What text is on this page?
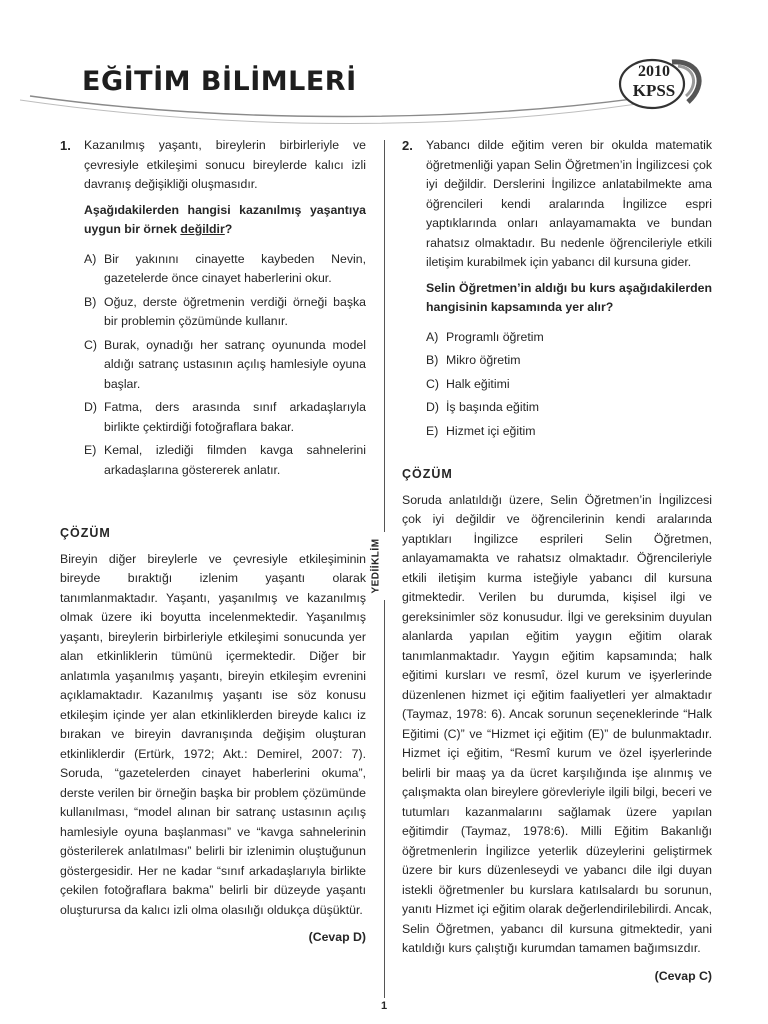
EĞİTİM BİLİMLERİ	2010
KPSS
1. Kazanılmış yaşantı, bireylerin birbirleriyle ve çevresiyle etkileşimi sonucu bireylerde kalıcı izli davranış değişikliği oluşmasıdır.

Aşağıdakilerden hangisi kazanılmış yaşantıya uygun bir örnek değildir?

A) Bir yakınını cinayette kaybeden Nevin, gazetelerde önce cinayet haberlerini okur.
B) Oğuz, derste öğretmenin verdiği örneği başka bir problemin çözümünde kullanır.
C) Burak, oynadığı her satranç oyununda model aldığı satranç ustasının açılış hamlesiyle oyuna başlar.
D) Fatma, ders arasında sınıf arkadaşlarıyla birlikte çektirdiği fotoğraflara bakar.
E) Kemal, izlediği filmden kavga sahnelerini arkadaşlarına göstererek anlatır.
ÇÖZÜM

Bireyin diğer bireylerle ve çevresiyle etkileşiminin bireyde bıraktığı izlenim yaşantı olarak tanımlanmaktadır. Yaşantı, yaşanılmış ve kazanılmış olmak üzere iki boyutta incelenmektedir. Yaşanılmış yaşantı, bireylerin birbirleriyle etkileşimi sonucunda yer alan etkinliklerin tümünü içermektedir. Diğer bir anlatımla yaşanılmış yaşantı, bireyin etkileşim evrenini açıklamaktadır. Kazanılmış yaşantı ise söz konusu etkileşim içinde yer alan etkinliklerden bireyde kalıcı iz bırakan ve bireyin davranışında değişim oluşturan etkinliklerdir (Ertürk, 1972; Akt.: Demirel, 2007: 7). Soruda, “gazetelerden cinayet haberlerini okuma”, derste verilen bir örneğin başka bir problem çözümünde kullanılması, “model alınan bir satranç ustasının açılış hamlesiyle oyuna başlanması” ve “kavga sahnelerinin gösterilerek anlatılması” belirli bir izlenimin oluştuğunun göstergesidir. Her ne kadar “sınıf arkadaşlarıyla birlikte çekilen fotoğraflara bakma” belirli bir düzeyde yaşantı oluşturursa da kalıcı izli olma olasılığı oldukça düşüktür.

(Cevap D)
YEDİİKLİM
2. Yabancı dilde eğitim veren bir okulda matematik öğretmenliği yapan Selin Öğretmen’in İngilizcesi çok iyi değildir. Derslerini İngilizce anlatabilmekte ama öğrencileri kendi aralarında İngilizce espri yaptıklarında onları anlayamamakta ve bundan rahatsız olmaktadır. Bu nedenle öğrencileriyle etkili iletişim kurabilmek için yabancı dil kursuna gider.

Selin Öğretmen’in aldığı bu kurs aşağıdakilerden hangisinin kapsamında yer alır?

A) Programlı öğretim
B) Mikro öğretim
C) Halk eğitimi
D) İş başında eğitim
E) Hizmet içi eğitim
ÇÖZÜM

Soruda anlatıldığı üzere, Selin Öğretmen’in İngilizcesi çok iyi değildir ve öğrencilerinin kendi aralarında yaptıkları İngilizce esprileri Selin Öğretmen, anlayamamakta ve rahatsız olmaktadır. Öğrencileriyle etkili iletişim kurma isteğiyle yabancı dil kursuna gitmektedir. Verilen bu durumda, kişisel ilgi ve gereksinimler söz konusudur. İlgi ve gereksinim duyulan alanlarda yapılan eğitim yaygın eğitim olarak tanımlanmaktadır. Yaygın eğitim kapsamında; halk eğitimi kursları ve resmî, özel kurum ve işyerlerinde düzenlenen hizmet içi eğitim faaliyetleri yer almaktadır (Taymaz, 1978: 6). Ancak sorunun seçeneklerinde “Halk Eğitimi (C)” ve “Hizmet içi eğitim (E)” de bulunmaktadır. Hizmet içi eğitim, “Resmî kurum ve özel işyerlerinde belirli bir maaş ya da ücret karşılığında işe alınmış ve çalışmakta olan bireylere görevleriyle ilgili bilgi, beceri ve tutumları kazanmalarını sağlamak üzere yapılan eğitimdir (Taymaz, 1978:6). Milli Eğitim Bakanlığı öğretmenlerin İngilizce yeterlik düzeylerini geliştirmek üzere bir kurs düzenleseydi ve yabancı dile ilgi duyan istekli öğretmenler bu kurslara katılsalardı bu sorunun, yanıtı Hizmet içi eğitim olarak değerlendirilebilirdi. Ancak, Selin Öğretmen, yabancı dil kursuna gitmektedir, yani katıldığı kurs çalıştığı kurumdan tamamen bağımsızdır.

(Cevap C)
1
